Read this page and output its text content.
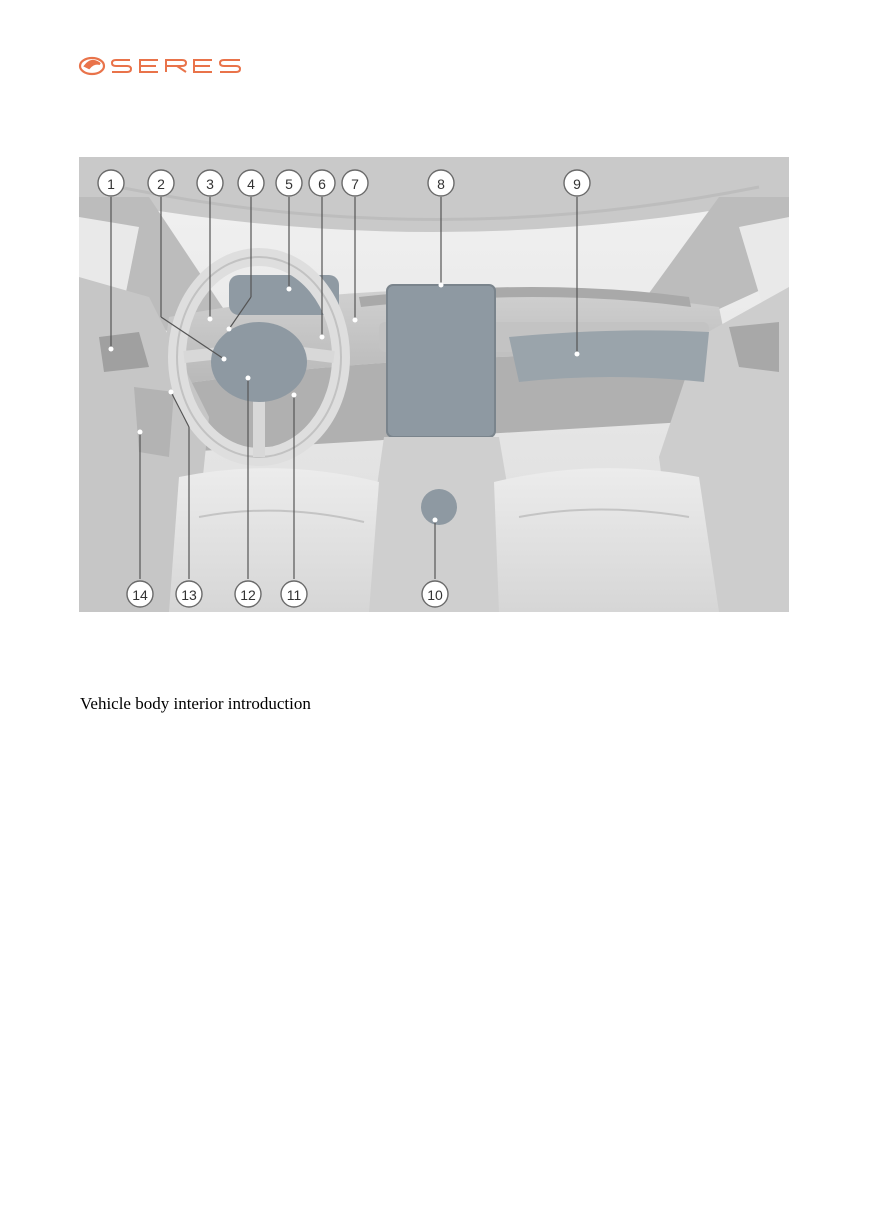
1	2	3 4 5 6 7	8	9
10
11
12
13
14
Vehicle body interior introduction
